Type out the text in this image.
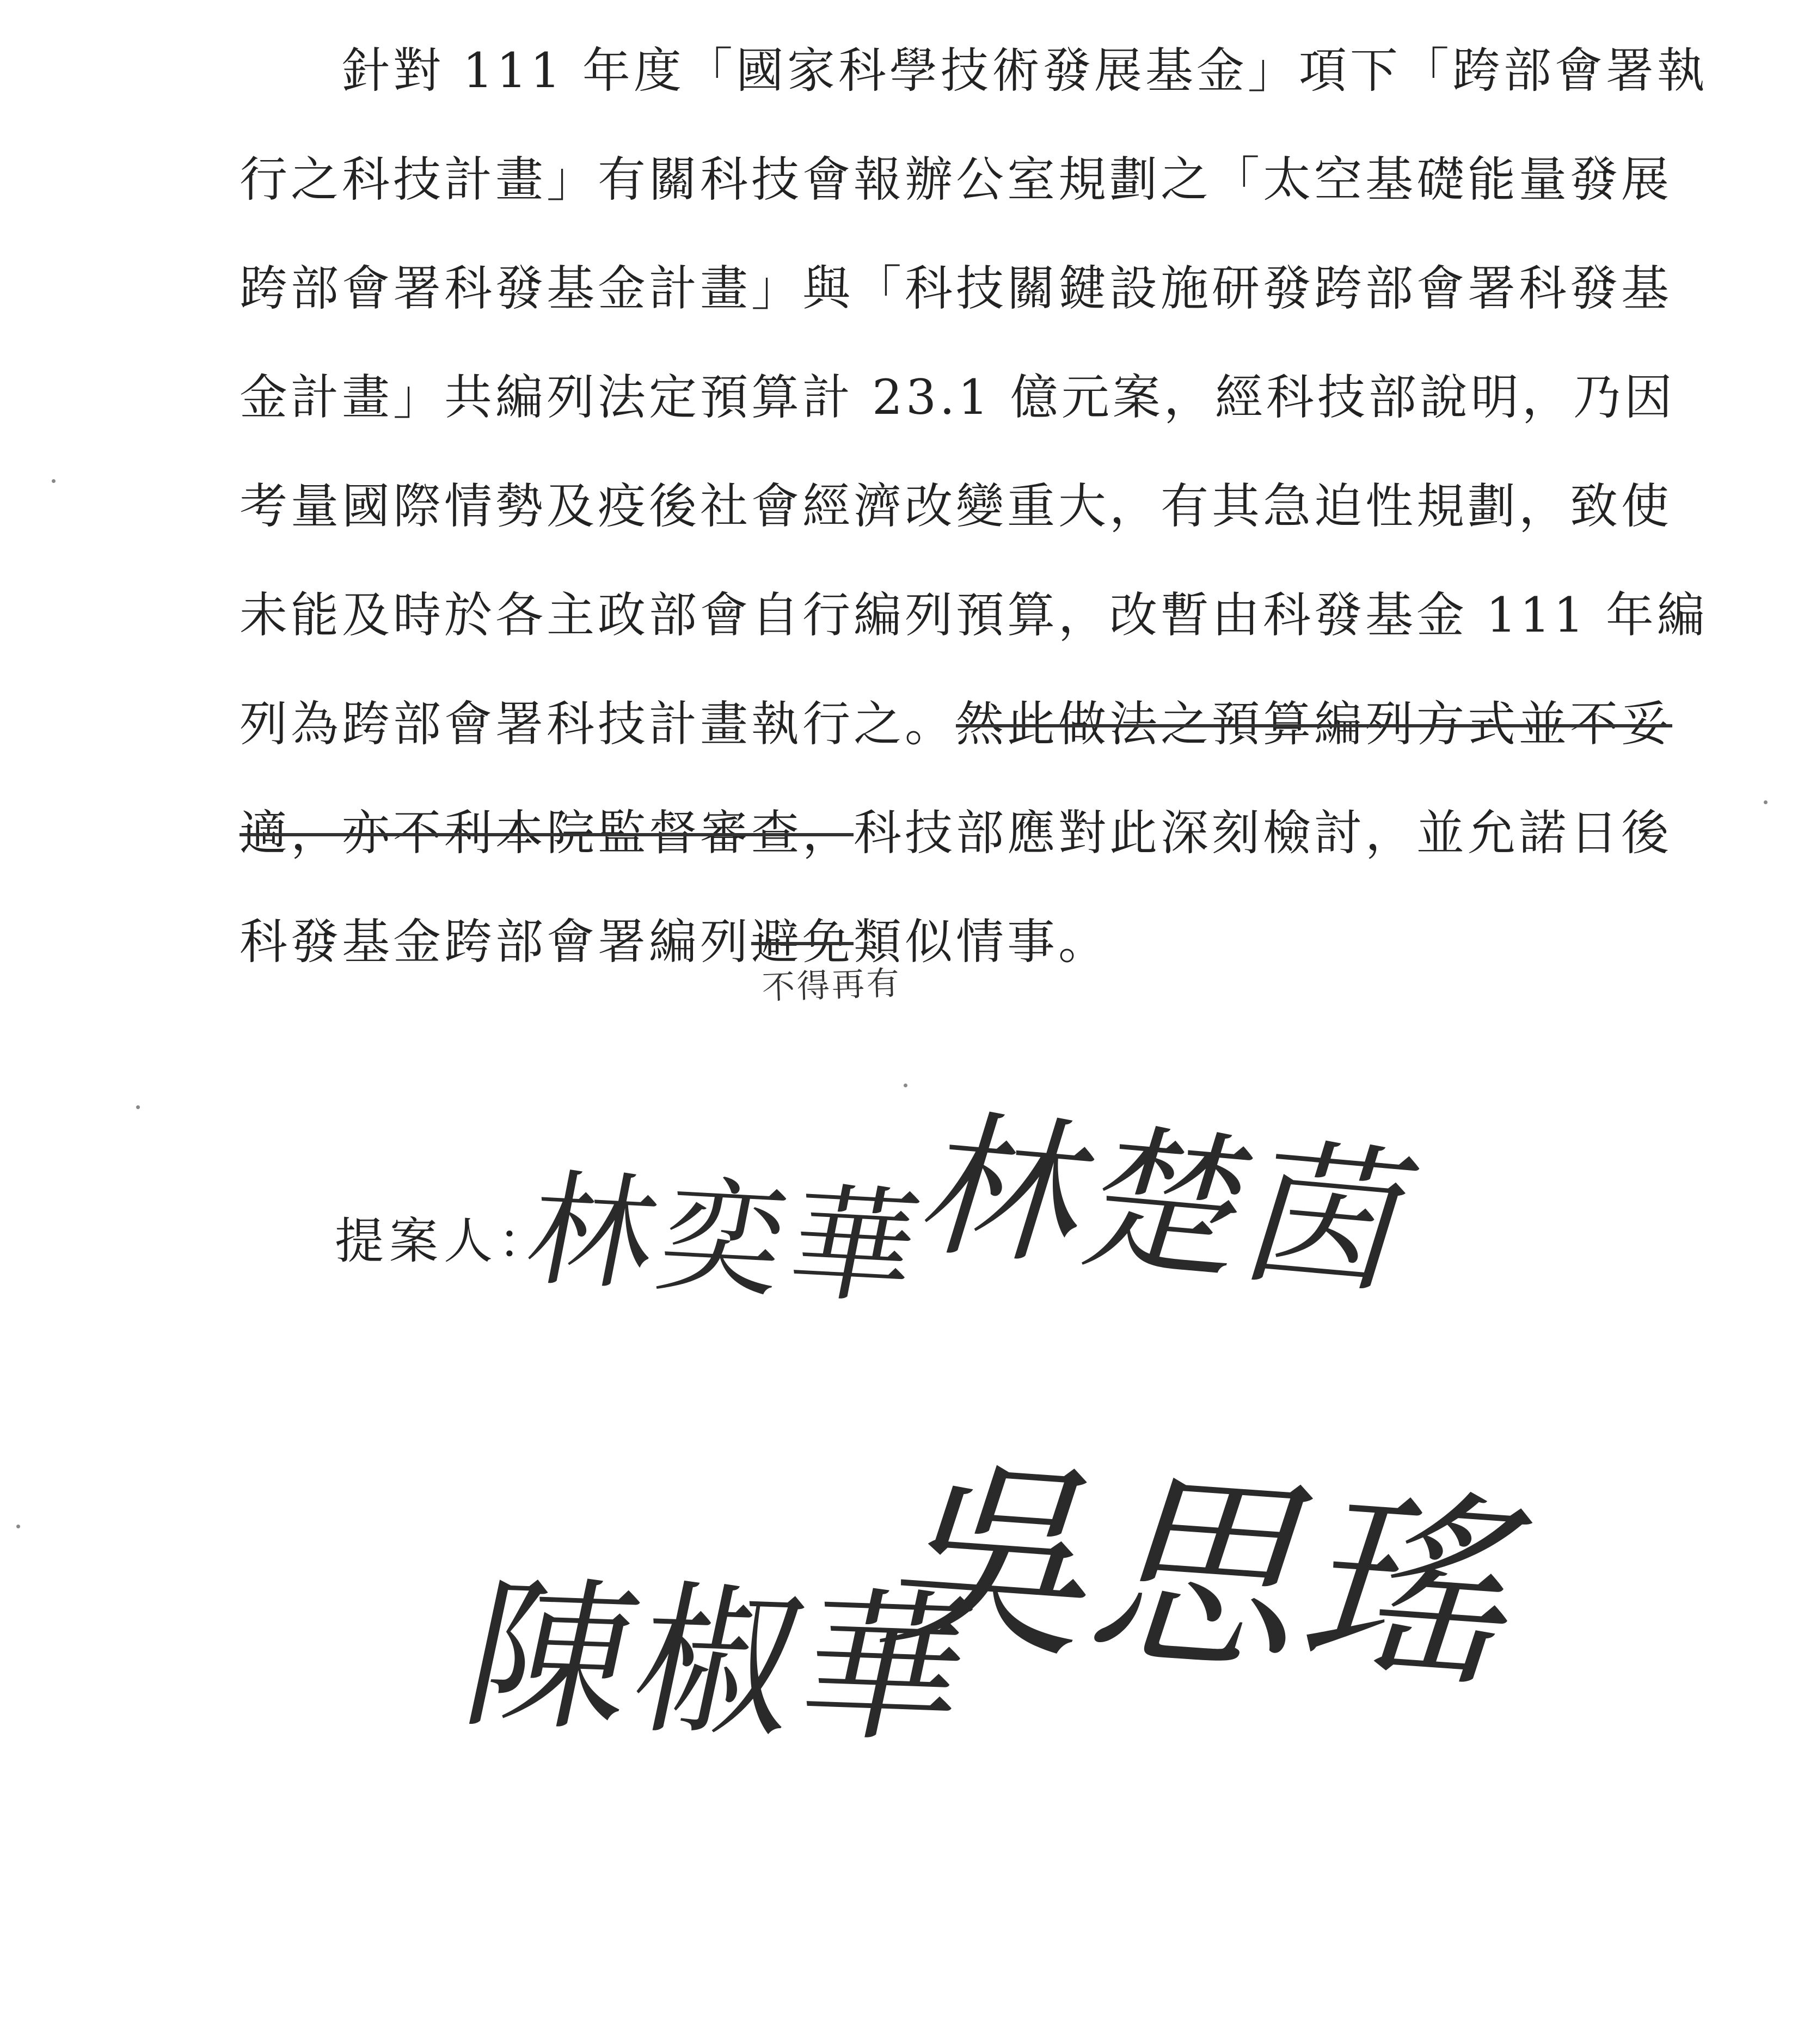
　　針對 111 年度「國家科學技術發展基金」項下「跨部會署執
行之科技計畫」有關科技會報辦公室規劃之「太空基礎能量發展
跨部會署科發基金計畫」與「科技關鍵設施研發跨部會署科發基
金計畫」共編列法定預算計 23.1 億元案，經科技部說明，乃因
考量國際情勢及疫後社會經濟改變重大，有其急迫性規劃，致使
未能及時於各主政部會自行編列預算，改暫由科發基金 111 年編
列為跨部會署科技計畫執行之。然此做法之預算編列方式並不妥
適，亦不利本院監督審查，科技部應對此深刻檢討，並允諾日後
科發基金跨部會署編列避免
不得再有
類似情事。
提案人：
林奕華
林楚茵
陳椒華
吳思瑤
